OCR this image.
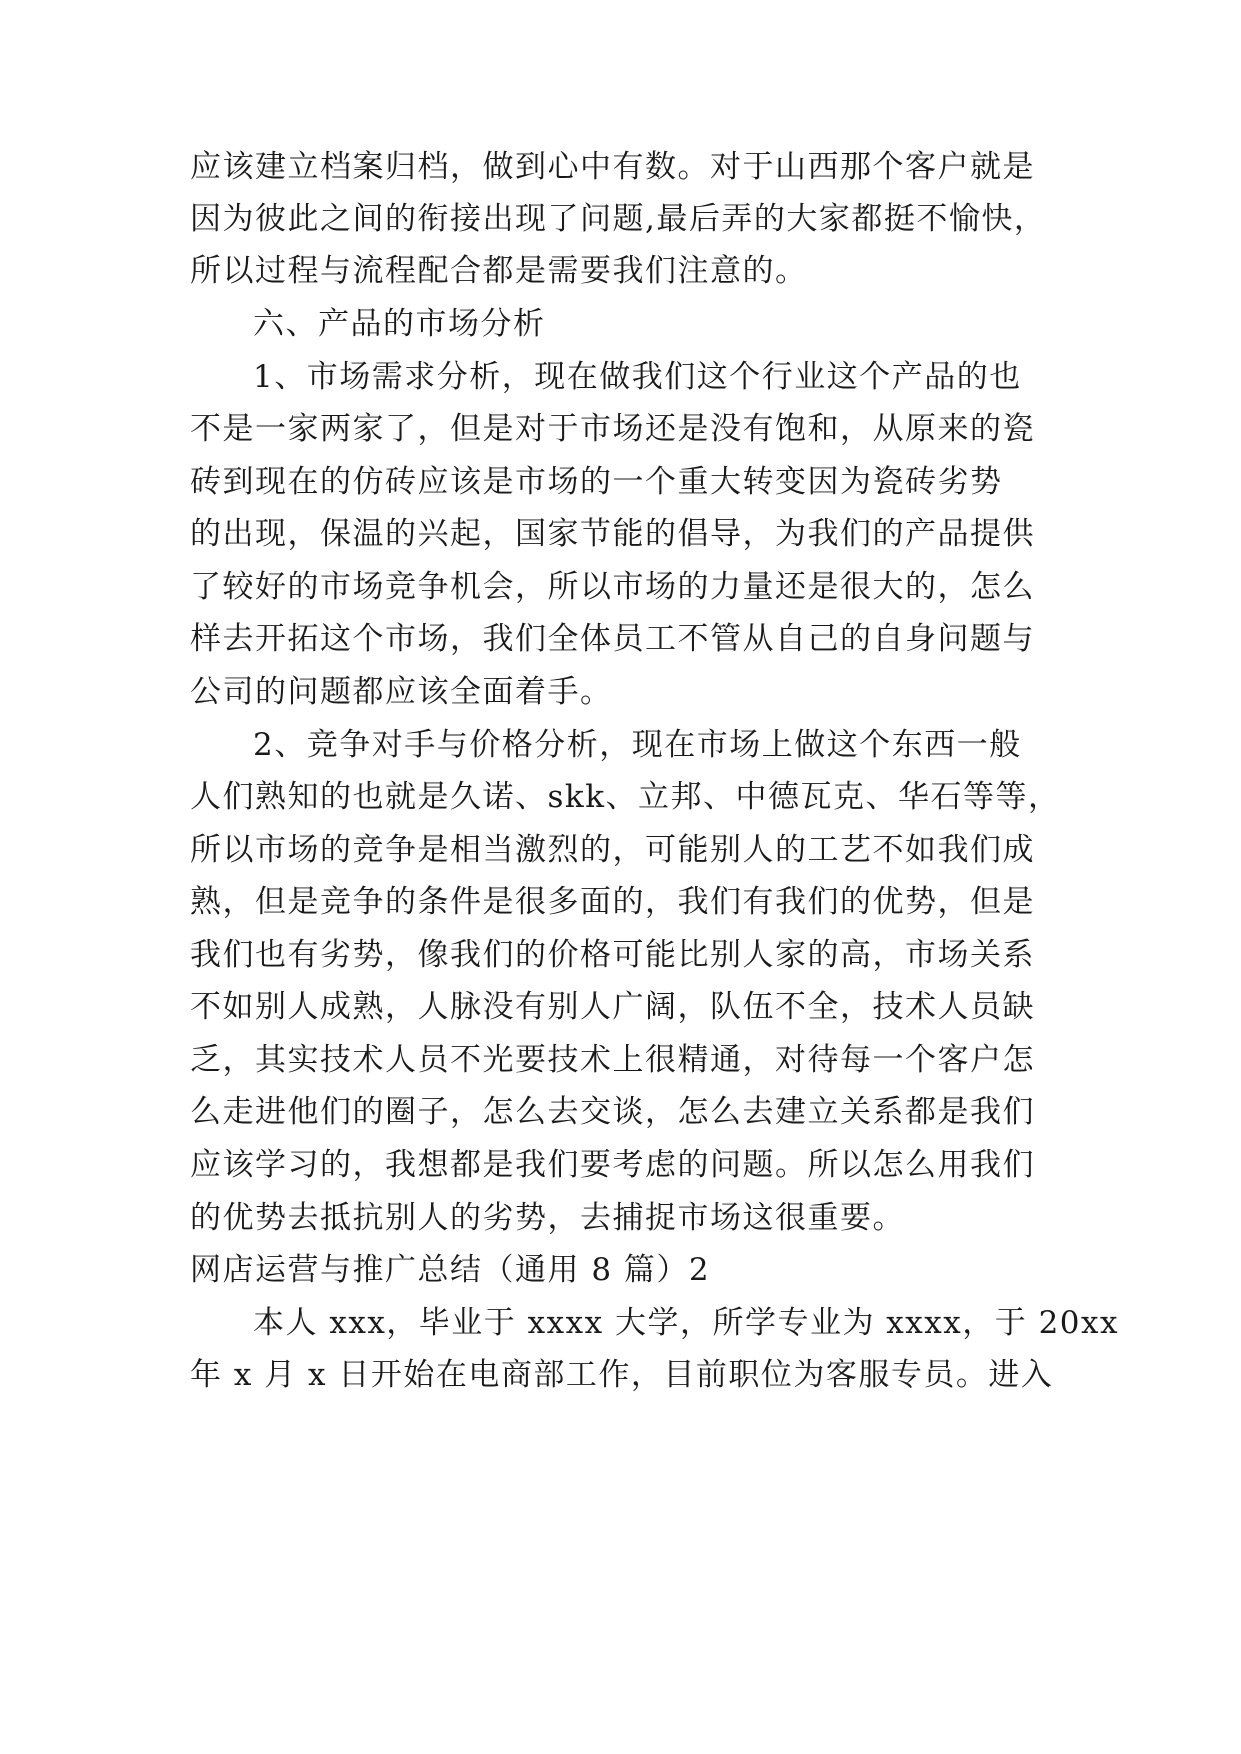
应该建立档案归档，做到心中有数。对于山西那个客户就是
因为彼此之间的衔接出现了问题,最后弄的大家都挺不愉快，
所以过程与流程配合都是需要我们注意的。
六、产品的市场分析
1、市场需求分析，现在做我们这个行业这个产品的也
不是一家两家了，但是对于市场还是没有饱和，从原来的瓷
砖到现在的仿砖应该是市场的一个重大转变因为瓷砖劣势
的出现，保温的兴起，国家节能的倡导，为我们的产品提供
了较好的市场竞争机会，所以市场的力量还是很大的，怎么
样去开拓这个市场，我们全体员工不管从自己的自身问题与
公司的问题都应该全面着手。
2、竞争对手与价格分析，现在市场上做这个东西一般
人们熟知的也就是久诺、skk、立邦、中德瓦克、华石等等，
所以市场的竞争是相当激烈的，可能别人的工艺不如我们成
熟，但是竞争的条件是很多面的，我们有我们的优势，但是
我们也有劣势，像我们的价格可能比别人家的高，市场关系
不如别人成熟，人脉没有别人广阔，队伍不全，技术人员缺
乏，其实技术人员不光要技术上很精通，对待每一个客户怎
么走进他们的圈子，怎么去交谈，怎么去建立关系都是我们
应该学习的，我想都是我们要考虑的问题。所以怎么用我们
的优势去抵抗别人的劣势，去捕捉市场这很重要。
网店运营与推广总结（通用 8 篇）2
本人 xxx，毕业于 xxxx 大学，所学专业为 xxxx，于 20xx
年 x 月 x 日开始在电商部工作，目前职位为客服专员。进入
